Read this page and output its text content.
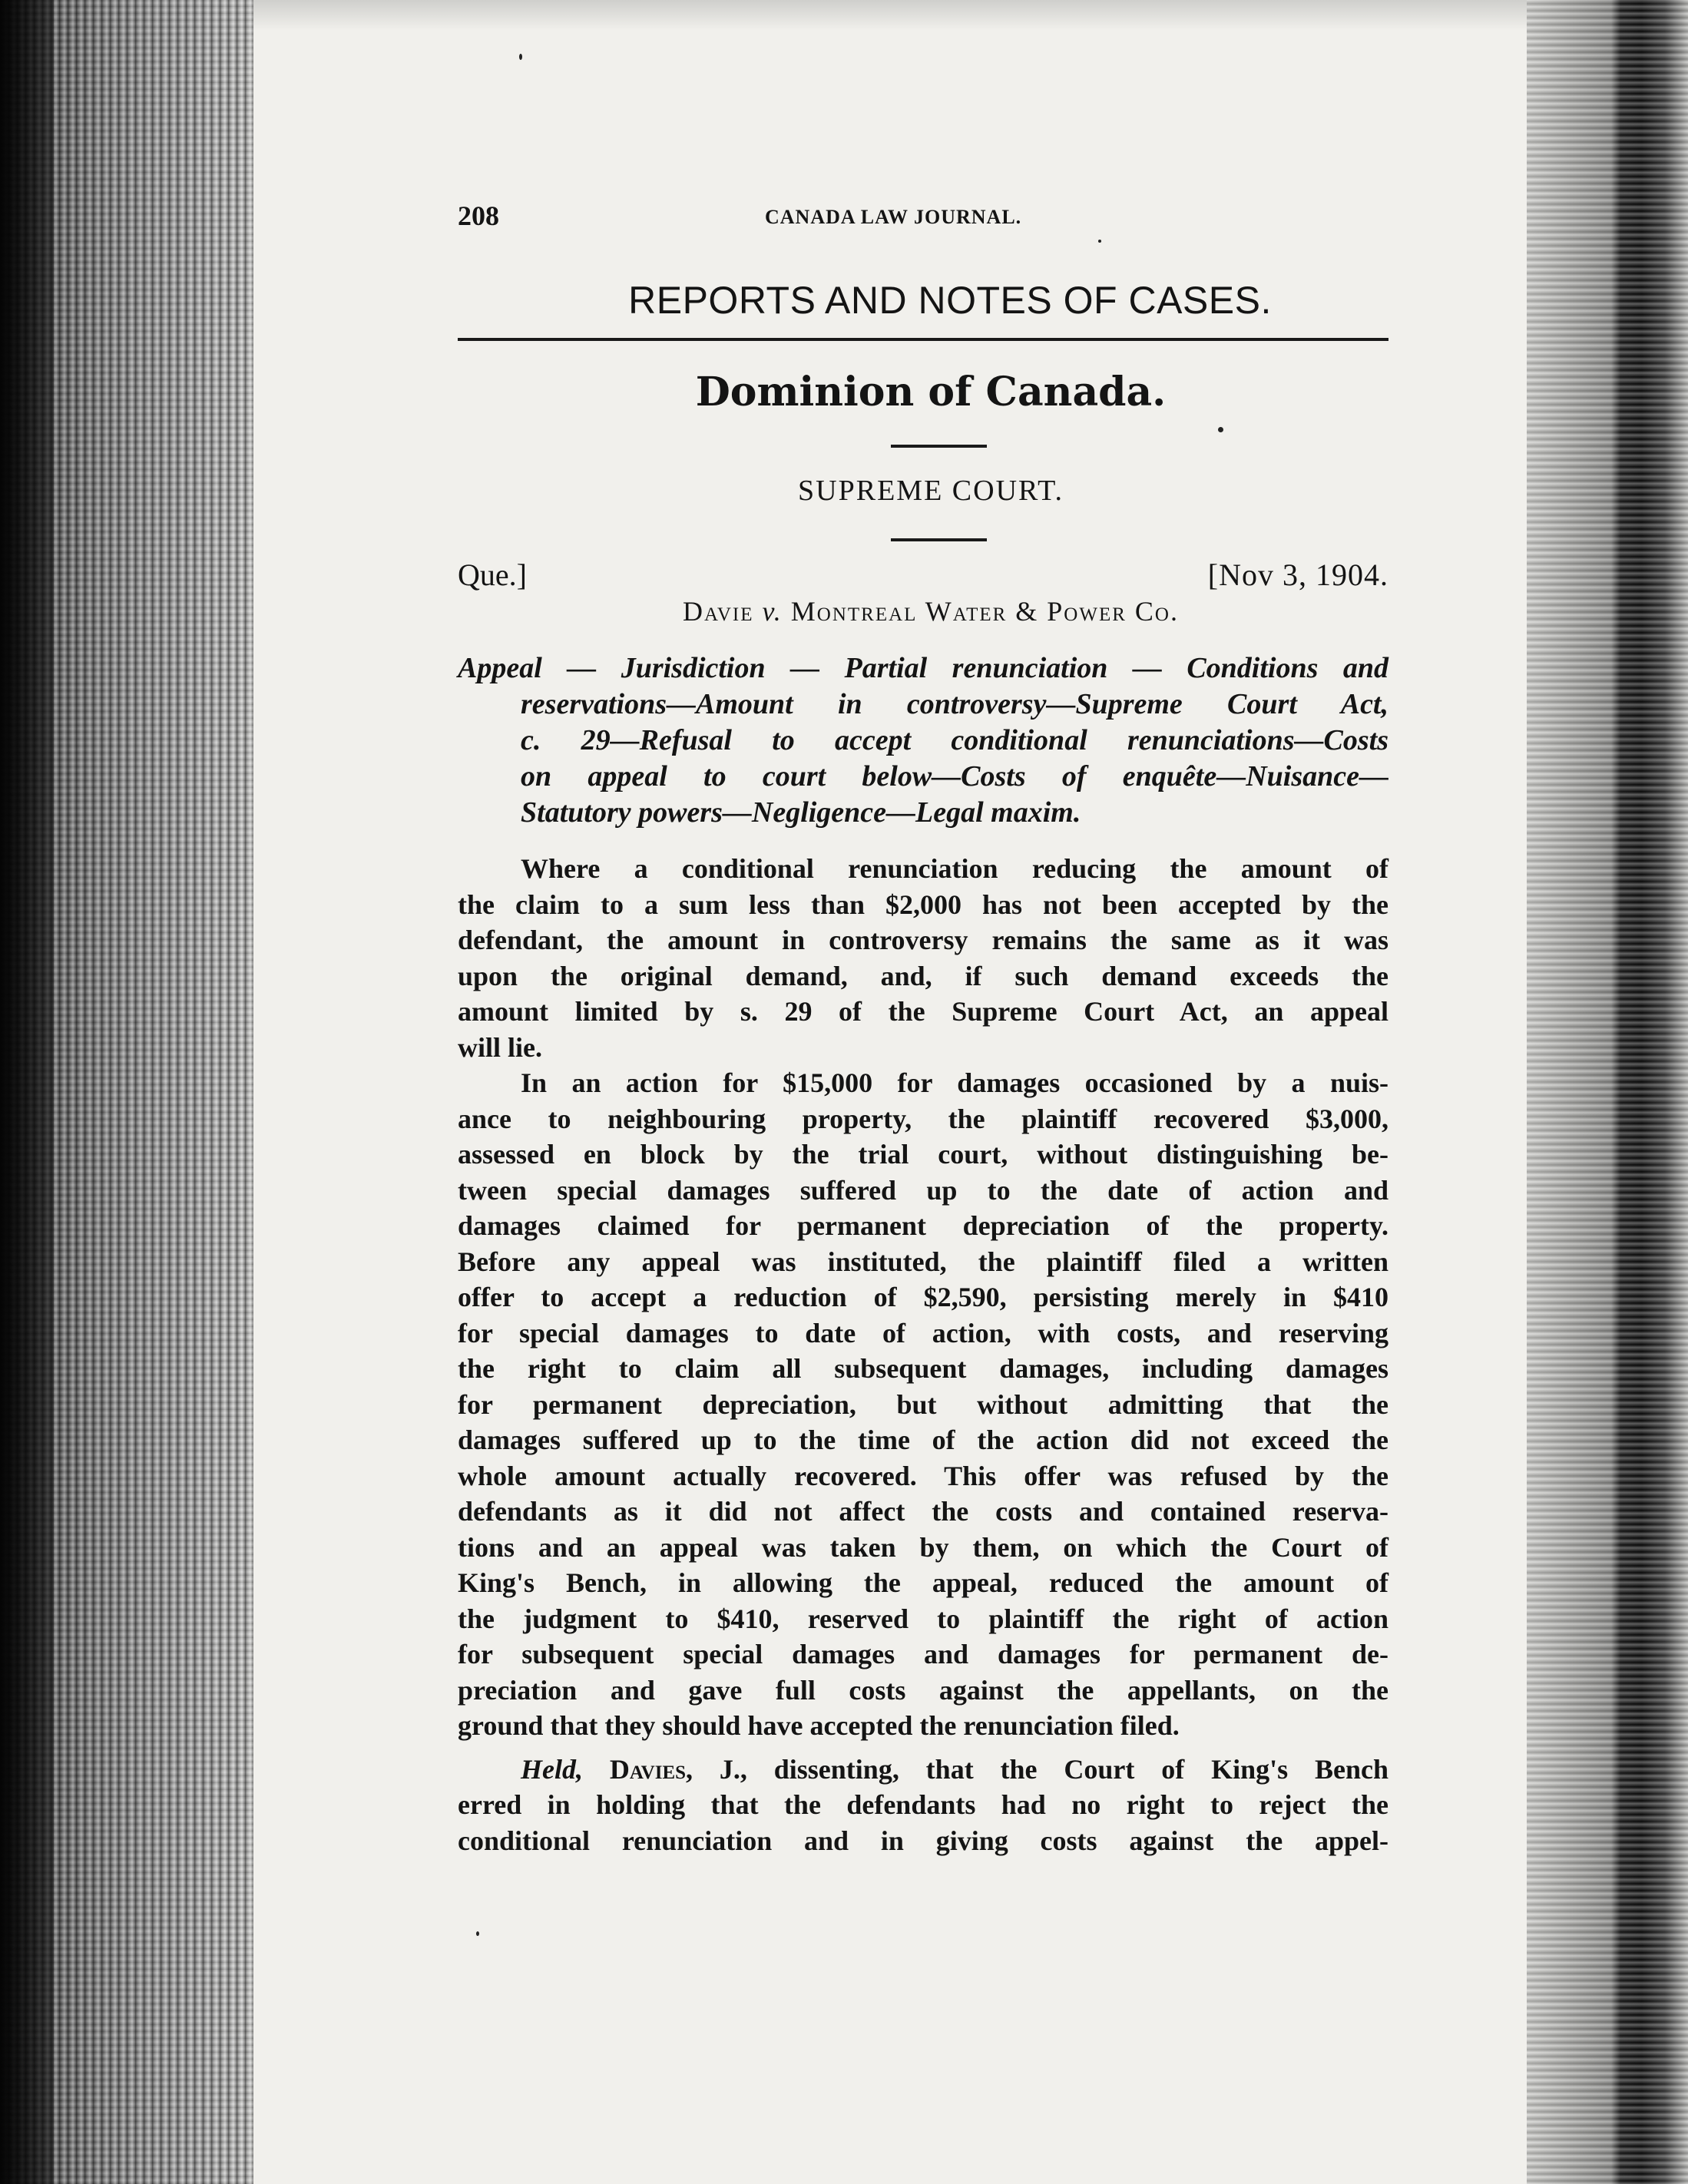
208	CANADA LAW JOURNAL.
REPORTS AND NOTES OF CASES.
Dominion of Canada.
SUPREME COURT.
Que.]	[Nov 3, 1904.
Davie v. Montreal Water & Power Co.
Appeal — Jurisdiction — Partial renunciation — Conditions and
reservations—Amount in controversy—Supreme Court Act,
c. 29—Refusal to accept conditional renunciations—Costs
on appeal to court below—Costs of enquête—Nuisance—
Statutory powers—Negligence—Legal maxim.
Where a conditional renunciation reducing the amount of
the claim to a sum less than $2,000 has not been accepted by the
defendant, the amount in controversy remains the same as it was
upon the original demand, and, if such demand exceeds the
amount limited by s. 29 of the Supreme Court Act, an appeal
will lie.
In an action for $15,000 for damages occasioned by a nuis-
ance to neighbouring property, the plaintiff recovered $3,000,
assessed en block by the trial court, without distinguishing be-
tween special damages suffered up to the date of action and
damages claimed for permanent depreciation of the property.
Before any appeal was instituted, the plaintiff filed a written
offer to accept a reduction of $2,590, persisting merely in $410
for special damages to date of action, with costs, and reserving
the right to claim all subsequent damages, including damages
for permanent depreciation, but without admitting that the
damages suffered up to the time of the action did not exceed the
whole amount actually recovered. This offer was refused by the
defendants as it did not affect the costs and contained reserva-
tions and an appeal was taken by them, on which the Court of
King's Bench, in allowing the appeal, reduced the amount of
the judgment to $410, reserved to plaintiff the right of action
for subsequent special damages and damages for permanent de-
preciation and gave full costs against the appellants, on the
ground that they should have accepted the renunciation filed.
Held, Davies, J., dissenting, that the Court of King's Bench
erred in holding that the defendants had no right to reject the
conditional renunciation and in giving costs against the appel-
